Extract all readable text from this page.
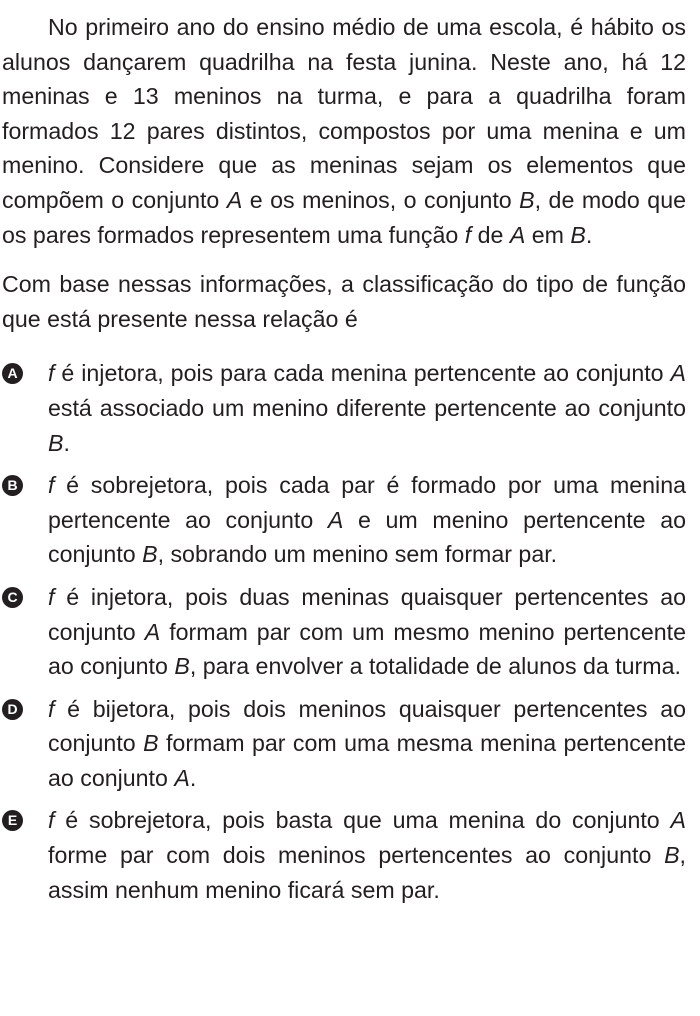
No primeiro ano do ensino médio de uma escola, é hábito os alunos dançarem quadrilha na festa junina. Neste ano, há 12 meninas e 13 meninos na turma, e para a quadrilha foram formados 12 pares distintos, compostos por uma menina e um menino. Considere que as meninas sejam os elementos que compõem o conjunto A e os meninos, o conjunto B, de modo que os pares formados representem uma função f de A em B.

Com base nessas informações, a classificação do tipo de função que está presente nessa relação é

A f é injetora, pois para cada menina pertencente ao conjunto A está associado um menino diferente pertencente ao conjunto B.
B f é sobrejetora, pois cada par é formado por uma menina pertencente ao conjunto A e um menino pertencente ao conjunto B, sobrando um menino sem formar par.
C f é injetora, pois duas meninas quaisquer pertencentes ao conjunto A formam par com um mesmo menino pertencente ao conjunto B, para envolver a totalidade de alunos da turma.
D f é bijetora, pois dois meninos quaisquer pertencentes ao conjunto B formam par com uma mesma menina pertencente ao conjunto A.
E f é sobrejetora, pois basta que uma menina do conjunto A forme par com dois meninos pertencentes ao conjunto B, assim nenhum menino ficará sem par.
